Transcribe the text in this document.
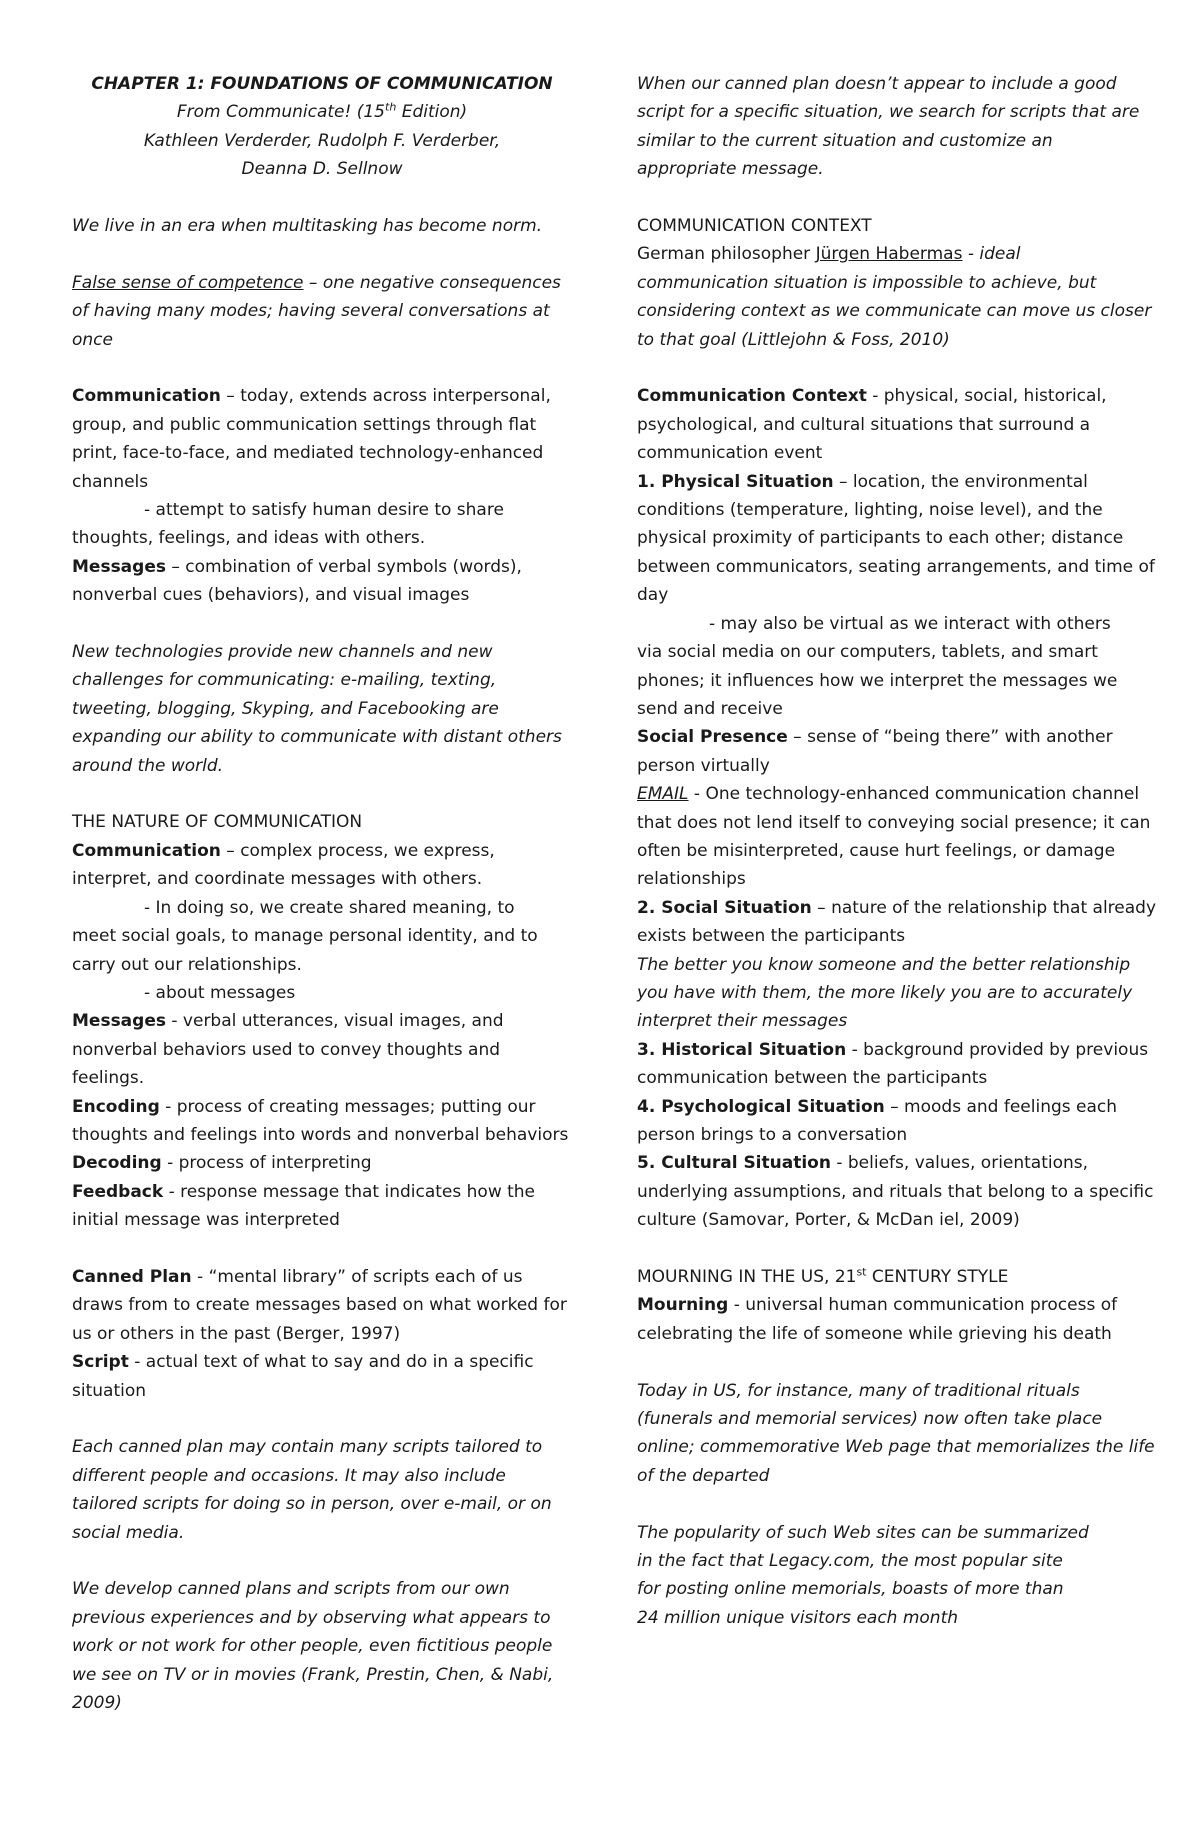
CHAPTER 1: FOUNDATIONS OF COMMUNICATION

From Communicate! (15th Edition)

Kathleen Verderder, Rudolph F. Verderber,

Deanna D. Sellnow

We live in an era when multitasking has become norm.

False sense of competence – one negative consequences of having many modes; having several conversations at once

Communication – today, extends across interpersonal, group, and public communication settings through flat print, face-to-face, and mediated technology-enhanced channels

- attempt to satisfy human desire to share

thoughts, feelings, and ideas with others.

Messages – combination of verbal symbols (words), nonverbal cues (behaviors), and visual images

New technologies provide new channels and new challenges for communicating: e-mailing, texting, tweeting, blogging, Skyping, and Facebooking are expanding our ability to communicate with distant others around the world.

THE NATURE OF COMMUNICATION

Communication – complex process, we express, interpret, and coordinate messages with others.

- In doing so, we create shared meaning, to

meet social goals, to manage personal identity, and to carry out our relationships.

- about messages

Messages - verbal utterances, visual images, and nonverbal behaviors used to convey thoughts and feelings.

Encoding - process of creating messages; putting our thoughts and feelings into words and nonverbal behaviors

Decoding - process of interpreting

Feedback - response message that indicates how the initial message was interpreted

Canned Plan - “mental library” of scripts each of us draws from to create messages based on what worked for us or others in the past (Berger, 1997)

Script - actual text of what to say and do in a specific situation

Each canned plan may contain many scripts tailored to different people and occasions. It may also include tailored scripts for doing so in person, over e-mail, or on social media.

We develop canned plans and scripts from our own previous experiences and by observing what appears to work or not work for other people, even fictitious people we see on TV or in movies (Frank, Prestin, Chen, & Nabi, 2009)

When our canned plan doesn’t appear to include a good script for a specific situation, we search for scripts that are similar to the current situation and customize an appropriate message.

COMMUNICATION CONTEXT

German philosopher Jürgen Habermas - ideal communication situation is impossible to achieve, but considering context as we communicate can move us closer to that goal (Littlejohn & Foss, 2010)

Communication Context - physical, social, historical, psychological, and cultural situations that surround a communication event

1. Physical Situation – location, the environmental conditions (temperature, lighting, noise level), and the physical proximity of participants to each other; distance between communicators, seating arrangements, and time of day

- may also be virtual as we interact with others

via social media on our computers, tablets, and smart phones; it influences how we interpret the messages we send and receive

Social Presence – sense of “being there” with another person virtually

EMAIL - One technology-enhanced communication channel that does not lend itself to conveying social presence; it can often be misinterpreted, cause hurt feelings, or damage relationships

2. Social Situation – nature of the relationship that already exists between the participants

The better you know someone and the better relationship you have with them, the more likely you are to accurately interpret their messages

3. Historical Situation - background provided by previous communication between the participants

4. Psychological Situation – moods and feelings each person brings to a conversation

5. Cultural Situation - beliefs, values, orientations, underlying assumptions, and rituals that belong to a specific culture (Samovar, Porter, & McDan iel, 2009)

MOURNING IN THE US, 21st CENTURY STYLE

Mourning - universal human communication process of celebrating the life of someone while grieving his death

Today in US, for instance, many of traditional rituals (funerals and memorial services) now often take place online; commemorative Web page that memorializes the life of the departed

The popularity of such Web sites can be summarized

in the fact that Legacy.com, the most popular site

for posting online memorials, boasts of more than

24 million unique visitors each month
